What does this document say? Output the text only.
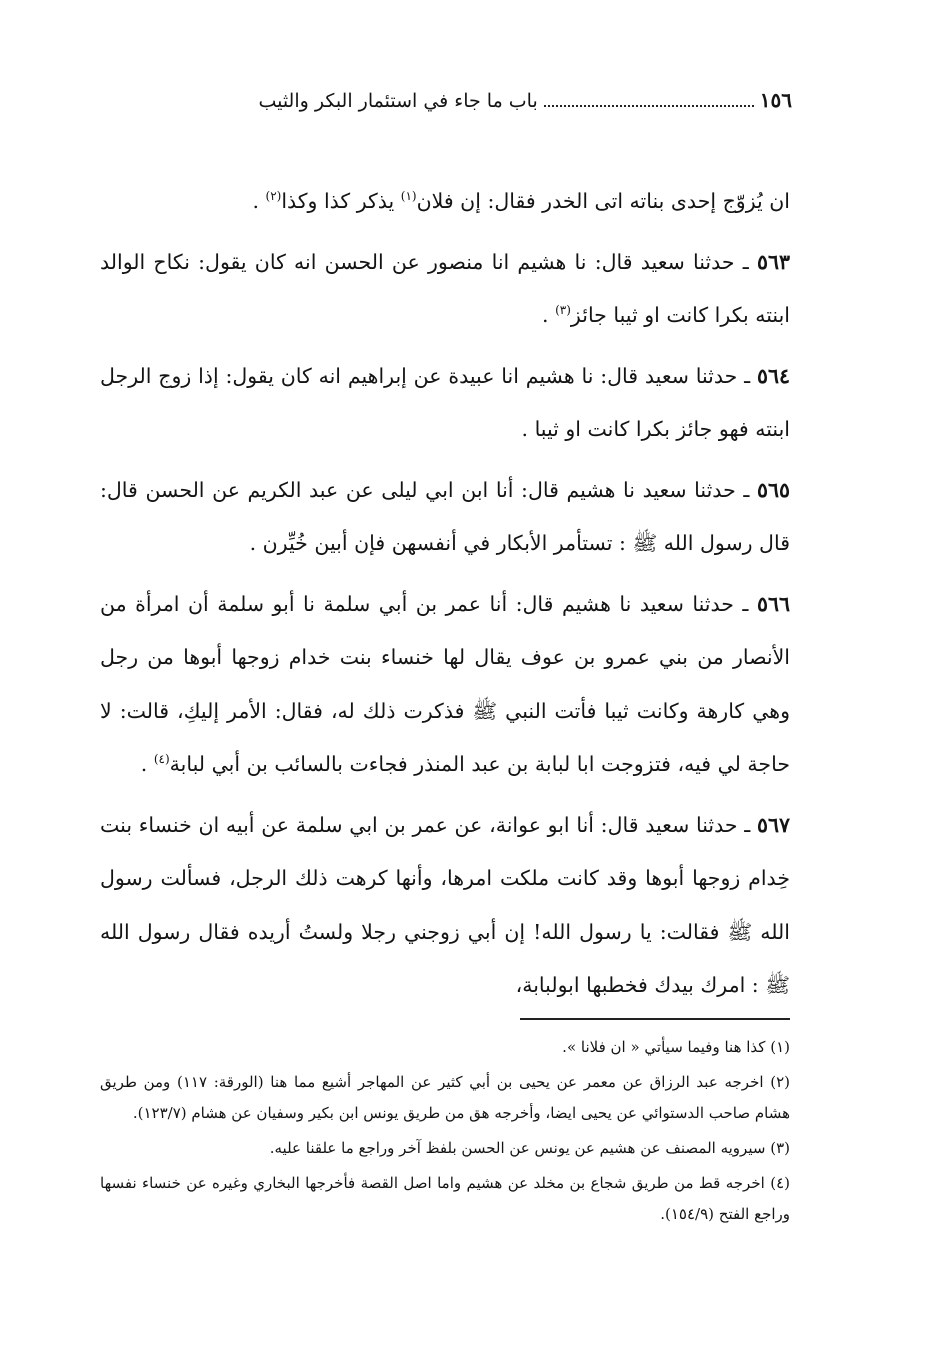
١٥٦
باب ما جاء في استئمار البكر والثيب

ان يُزوّج إحدى بناته اتى الخدر فقال: إن فلان$^{(١)}$ يذكر كذا وكذا$^{(٢)}$ .

٥٦٣ ـ حدثنا سعيد قال: نا هشيم انا منصور عن الحسن انه كان يقول: نكاح الوالد ابنته بكرا كانت او ثيبا جائز$^{(٣)}$ .

٥٦٤ ـ حدثنا سعيد قال: نا هشيم انا عبيدة عن إبراهيم انه كان يقول: إذا زوج الرجل ابنته فهو جائز بكرا كانت او ثيبا .

٥٦٥ ـ حدثنا سعيد نا هشيم قال: أنا ابن ابي ليلى عن عبد الكريم عن الحسن قال: قال رسول الله ﷺ : تستأمر الأبكار في أنفسهن فإن أبين خُيِّرن .

٥٦٦ ـ حدثنا سعيد نا هشيم قال: أنا عمر بن أبي سلمة نا أبو سلمة أن امرأة من الأنصار من بني عمرو بن عوف يقال لها خنساء بنت خدام زوجها أبوها من رجل وهي كارهة وكانت ثيبا فأتت النبي ﷺ فذكرت ذلك له، فقال: الأمر إليكِ، قالت: لا حاجة لي فيه، فتزوجت ابا لبابة بن عبد المنذر فجاءت بالسائب بن أبي لبابة$^{(٤)}$ .

٥٦٧ ـ حدثنا سعيد قال: أنا ابو عوانة، عن عمر بن ابي سلمة عن أبيه ان خنساء بنت خِدام زوجها أبوها وقد كانت ملكت امرها، وأنها كرهت ذلك الرجل، فسألت رسول الله ﷺ فقالت: يا رسول الله! إن أبي زوجني رجلا ولستُ أريده فقال رسول الله ﷺ : امرك بيدك فخطبها ابولبابة،

(١) كذا هنا وفيما سيأتي « ان فلانا ».

(٢) اخرجه عبد الرزاق عن معمر عن يحيى بن أبي كثير عن المهاجر أشيع مما هنا (الورقة: ١١٧) ومن طريق هشام صاحب الدستوائي عن يحيى ايضا، وأخرجه هق من طريق يونس ابن بكير وسفيان عن هشام (١٢٣/٧).

(٣) سيرويه المصنف عن هشيم عن يونس عن الحسن بلفظ آخر وراجع ما علقنا عليه.

(٤) اخرجه قط من طريق شجاع بن مخلد عن هشيم واما اصل القصة فأخرجها البخاري وغيره عن خنساء نفسها وراجع الفتح (١٥٤/٩).
